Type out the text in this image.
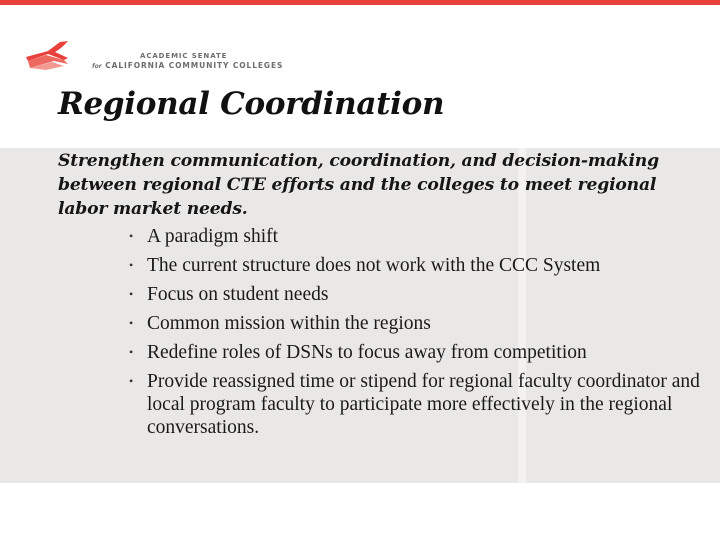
ACADEMIC SENATE
for CALIFORNIA COMMUNITY COLLEGES
Regional Coordination

Strengthen communication, coordination, and decision-making between regional CTE efforts and the colleges to meet regional labor market needs.

• A paradigm shift
• The current structure does not work with the CCC System
• Focus on student needs
• Common mission within the regions
• Redefine roles of DSNs to focus away from competition
• Provide reassigned time or stipend for regional faculty coordinator and local program faculty to participate more effectively in the regional conversations.
